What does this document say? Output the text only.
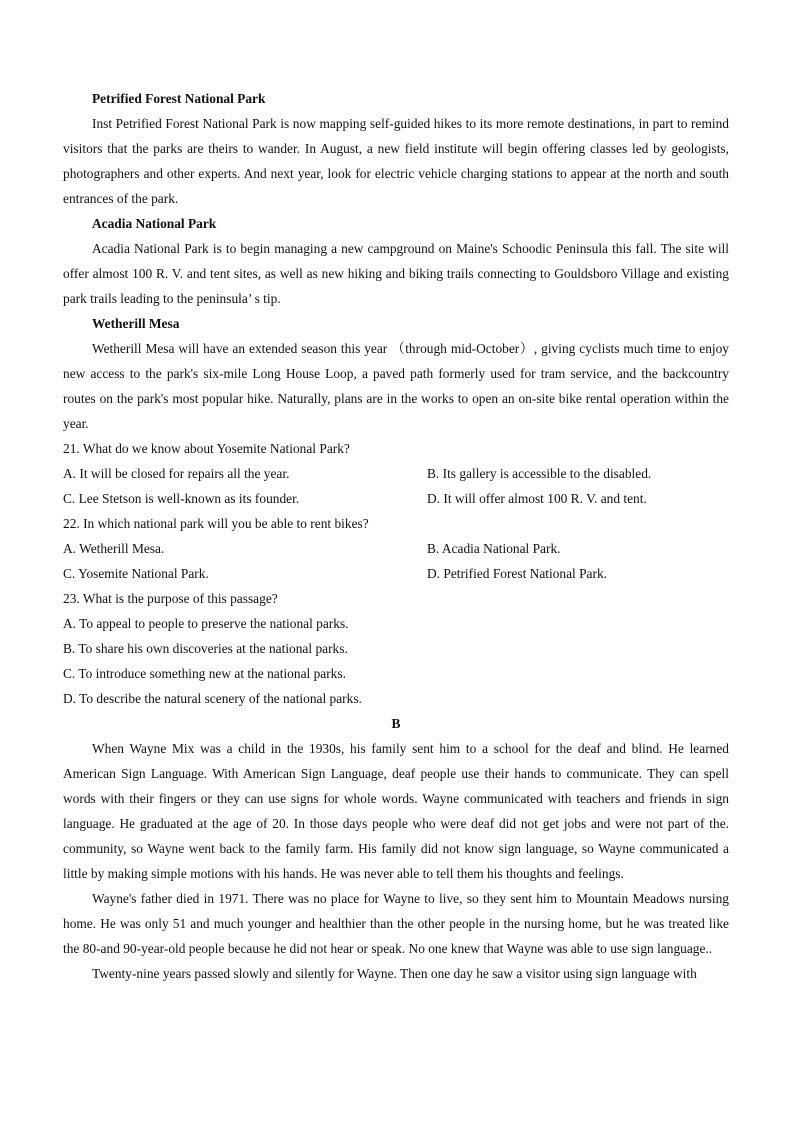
Petrified Forest National Park

Inst Petrified Forest National Park is now mapping self-guided hikes to its more remote destinations, in part to remind visitors that the parks are theirs to wander. In August, a new field institute will begin offering classes led by geologists, photographers and other experts. And next year, look for electric vehicle charging stations to appear at the north and south entrances of the park.

Acadia National Park

Acadia National Park is to begin managing a new campground on Maine's Schoodic Peninsula this fall. The site will offer almost 100 R. V. and tent sites, as well as new hiking and biking trails connecting to Gouldsboro Village and existing park trails leading to the peninsula’ s tip.

Wetherill Mesa

Wetherill Mesa will have an extended season this year （through mid-October）, giving cyclists much time to enjoy new access to the park's six-mile Long House Loop, a paved path formerly used for tram service, and the backcountry routes on the park's most popular hike. Naturally, plans are in the works to open an on-site bike rental operation within the year.

21. What do we know about Yosemite National Park?

A. It will be closed for repairs all the year.	B. Its gallery is accessible to the disabled.
C. Lee Stetson is well-known as its founder.	D. It will offer almost 100 R. V. and tent.

22. In which national park will you be able to rent bikes?

A. Wetherill Mesa.	B. Acadia National Park.
C. Yosemite National Park.	D. Petrified Forest National Park.

23. What is the purpose of this passage?

A. To appeal to people to preserve the national parks.

B. To share his own discoveries at the national parks.

C. To introduce something new at the national parks.

D. To describe the natural scenery of the national parks.

B

When Wayne Mix was a child in the 1930s, his family sent him to a school for the deaf and blind. He learned American Sign Language. With American Sign Language, deaf people use their hands to communicate. They can spell words with their fingers or they can use signs for whole words. Wayne communicated with teachers and friends in sign language. He graduated at the age of 20. In those days people who were deaf did not get jobs and were not part of the. community, so Wayne went back to the family farm. His family did not know sign language, so Wayne communicated a little by making simple motions with his hands. He was never able to tell them his thoughts and feelings.

Wayne's father died in 1971. There was no place for Wayne to live, so they sent him to Mountain Meadows nursing home. He was only 51 and much younger and healthier than the other people in the nursing home, but he was treated like the 80-and 90-year-old people because he did not hear or speak. No one knew that Wayne was able to use sign language..

Twenty-nine years passed slowly and silently for Wayne. Then one day he saw a visitor using sign language with
